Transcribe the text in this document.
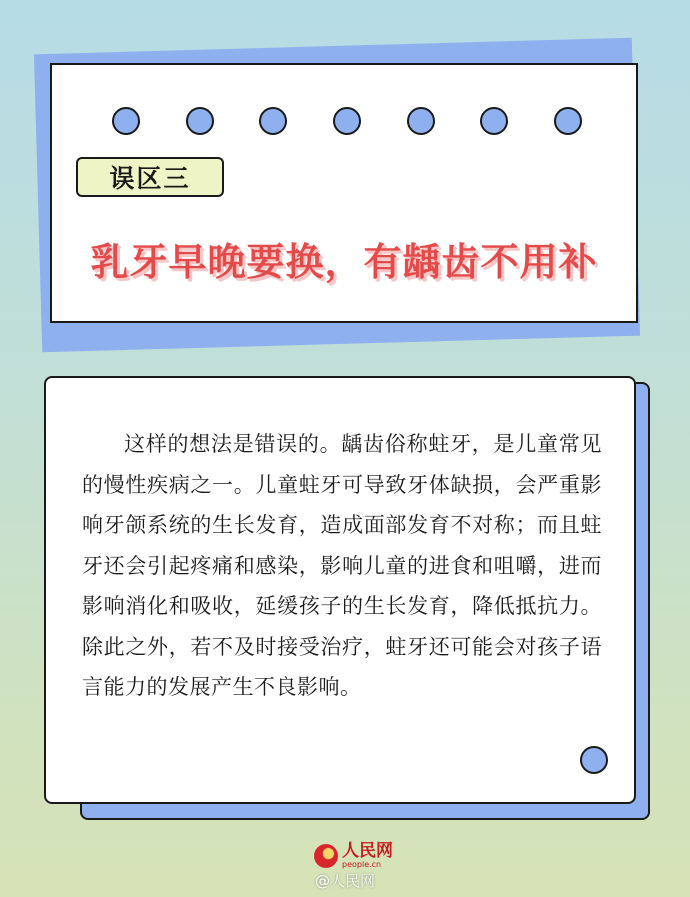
误区三
乳牙早晚要换，有龋齿不用补

这样的想法是错误的。龋齿俗称蛀牙，是儿童常见的慢性疾病之一。儿童蛀牙可导致牙体缺损，会严重影响牙颌系统的生长发育，造成面部发育不对称；而且蛀牙还会引起疼痛和感染，影响儿童的进食和咀嚼，进而影响消化和吸收，延缓孩子的生长发育，降低抵抗力。除此之外，若不及时接受治疗，蛀牙还可能会对孩子语言能力的发展产生不良影响。

人民网
people.cn
@人民网
